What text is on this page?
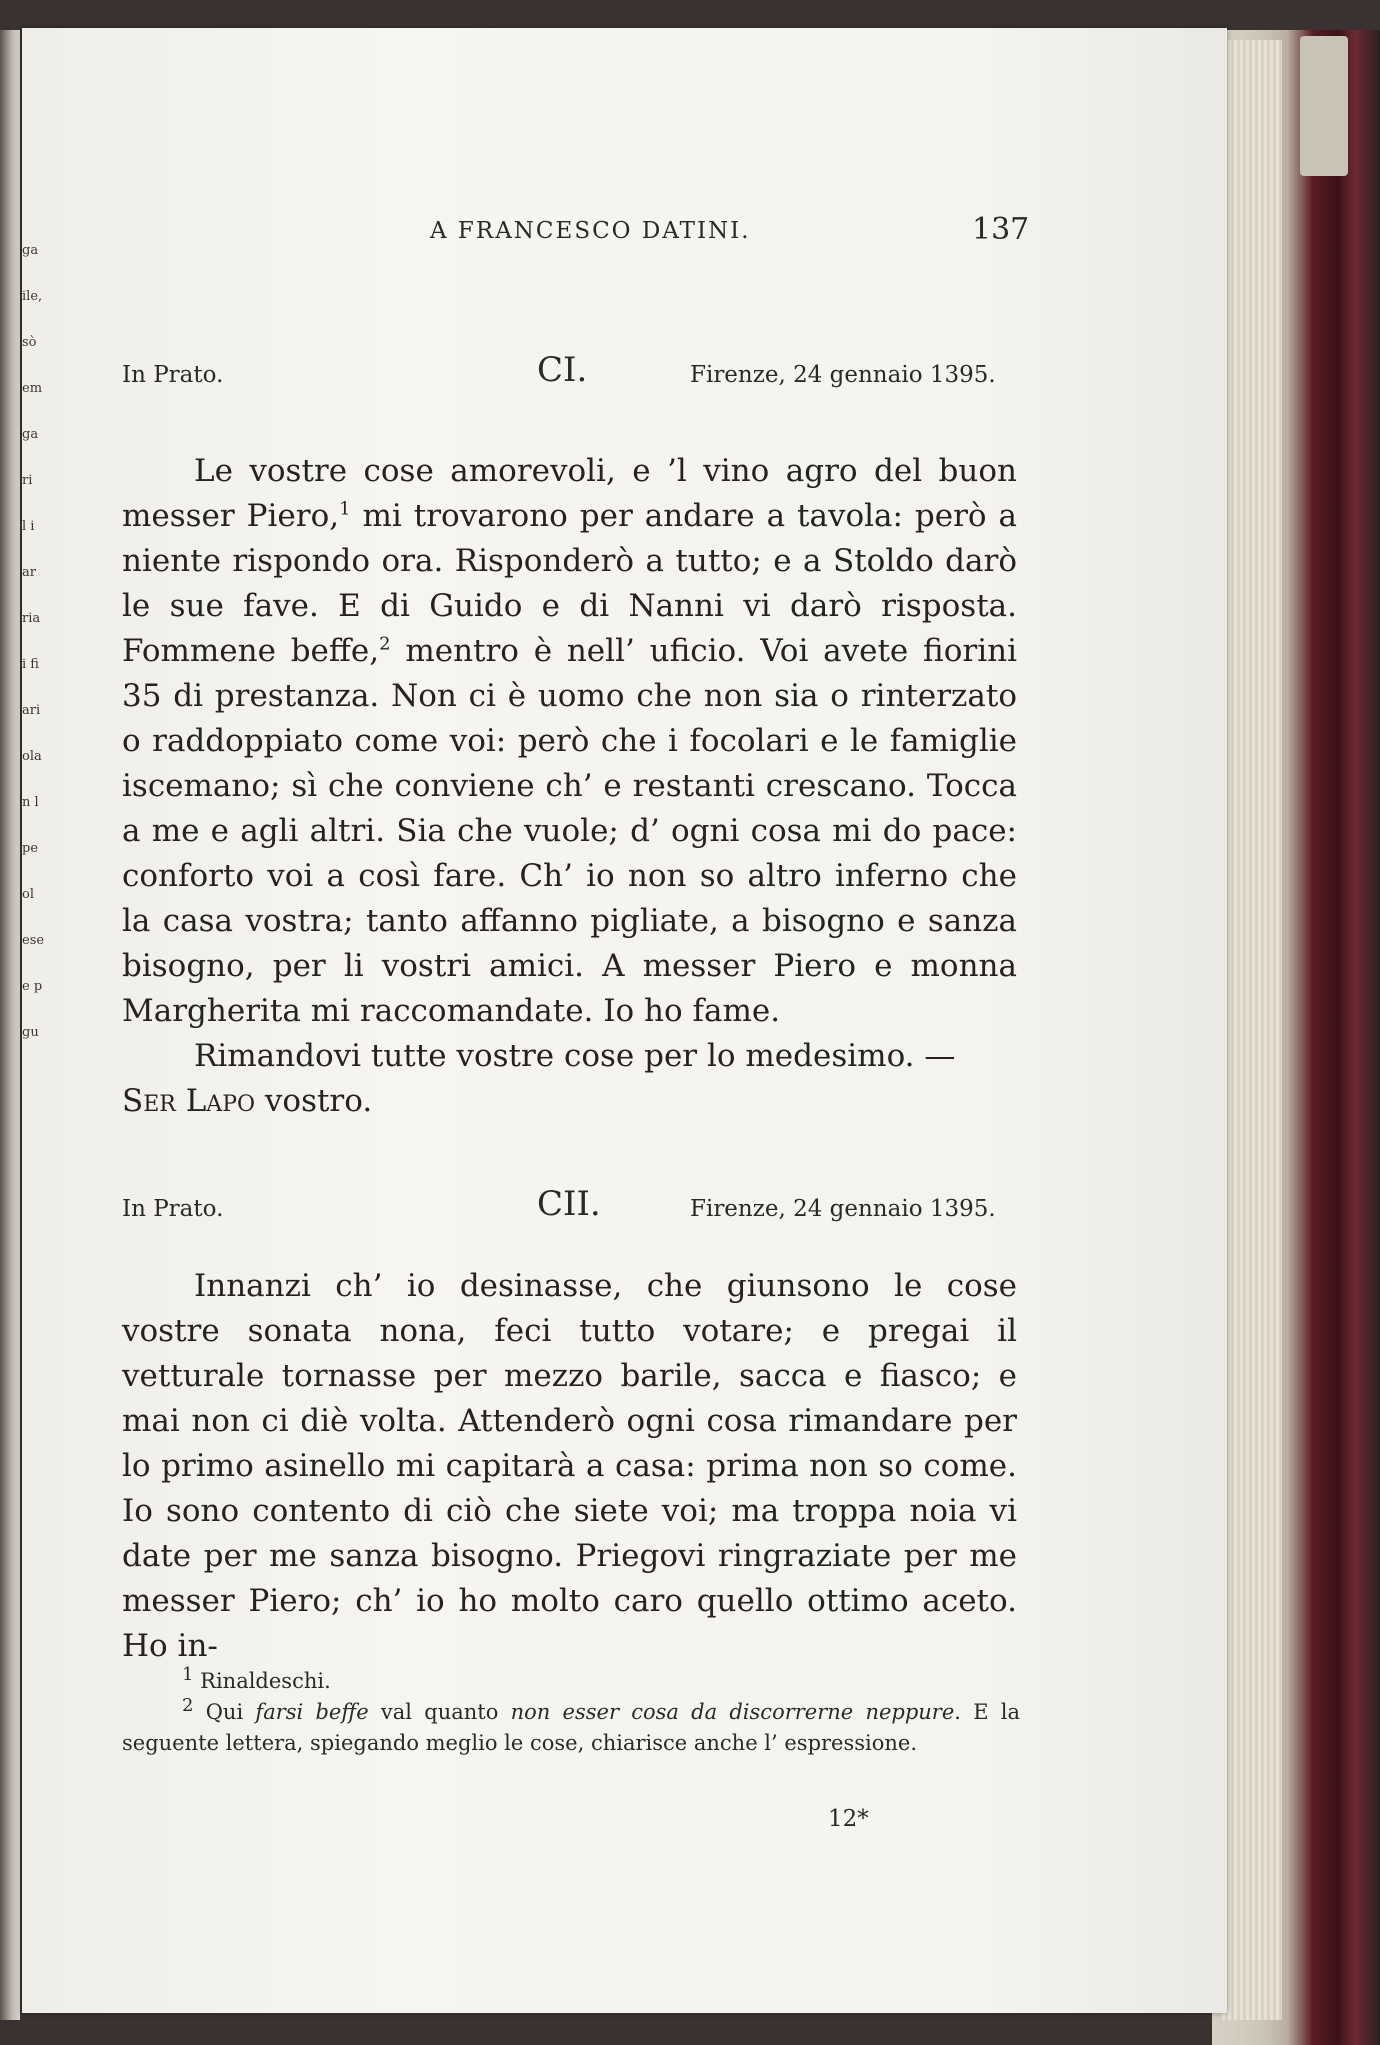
ga
ile,
sò
em
ga
ri
l i
ar
ria
i fi
ari
ola
n l
pe
ol
ese
e p
gu
A FRANCESCO DATINI.	137
In Prato.	CI.	Firenze, 24 gennaio 1395.

Le vostre cose amorevoli, e ’l vino agro del buon messer Piero,$^1$ mi trovarono per andare a tavola: però a niente rispondo ora. Risponderò a tutto; e a Stoldo darò le sue fave. E di Guido e di Nanni vi darò risposta. Fommene beffe,$^2$ mentro è nell’ uficio. Voi avete fiorini 35 di prestanza. Non ci è uomo che non sia o rinterzato o raddoppiato come voi: però che i focolari e le famiglie iscemano; sì che conviene ch’ e restanti crescano. Tocca a me e agli altri. Sia che vuole; d’ ogni cosa mi do pace: conforto voi a così fare. Ch’ io non so altro inferno che la casa vostra; tanto affanno pigliate, a bisogno e sanza bisogno, per li vostri amici. A messer Piero e monna Margherita mi raccomandate. Io ho fame.

Rimandovi tutte vostre cose per lo medesimo. —

Ser Lapo vostro.

In Prato.	CII.	Firenze, 24 gennaio 1395.

Innanzi ch’ io desinasse, che giunsono le cose vostre sonata nona, feci tutto votare; e pregai il vetturale tornasse per mezzo barile, sacca e fiasco; e mai non ci diè volta. Attenderò ogni cosa rimandare per lo primo asinello mi capitarà a casa: prima non so come. Io sono contento di ciò che siete voi; ma troppa noia vi date per me sanza bisogno. Priegovi ringraziate per me messer Piero; ch’ io ho molto caro quello ottimo aceto. Ho in-

$^1$ Rinaldeschi.

$^2$ Qui farsi beffe val quanto non esser cosa da discorrerne neppure. E la seguente lettera, spiegando meglio le cose, chiarisce anche l’ espressione.

12*
